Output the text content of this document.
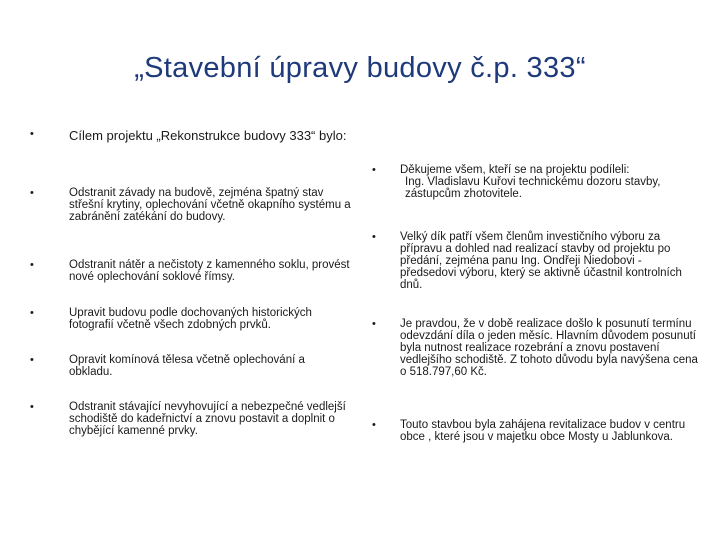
„Stavební úpravy budovy č.p. 333“
•	Cílem projektu „Rekonstrukce budovy 333“ bylo:
•	Odstranit závady na budově, zejména špatný stav střešní krytiny, oplechování včetně okapního systému a zabránění zatékání do budovy.
•	Odstranit nátěr a nečistoty z kamenného soklu, provést nové oplechování soklové římsy.
•	Upravit budovu podle dochovaných historických fotografií včetně všech zdobných prvků.
•	Opravit komínová tělesa včetně oplechování a obkladu.
•	Odstranit stávající nevyhovující a nebezpečné vedlejší schodiště do kadeřnictví a znovu postavit a doplnit o chybějící kamenné prvky.
• Děkujeme všem, kteří se na projektu podíleli:
Ing. Vladislavu Kuřovi technickému dozoru stavby, zástupcům zhotovitele.
• Velký dík patří všem členům investičního výboru za přípravu a dohled nad realizací stavby od projektu po předání, zejména panu Ing. Ondřeji Niedobovi - předsedovi výboru, který se aktivně účastnil kontrolních dnů.
• Je pravdou, že v době realizace došlo k posunutí termínu odevzdání díla o jeden měsíc. Hlavním důvodem posunutí byla nutnost realizace rozebrání a znovu postavení vedlejšího schodiště. Z tohoto důvodu byla navýšena cena o 518.797,60 Kč.
• Touto stavbou byla zahájena revitalizace budov v centru obce , které jsou v majetku obce Mosty u Jablunkova.
